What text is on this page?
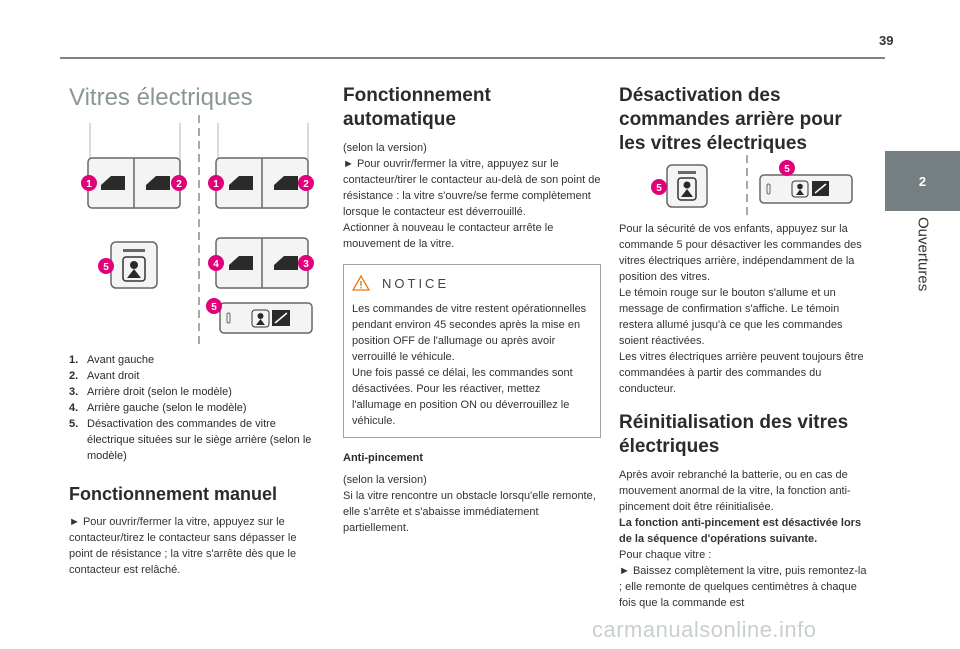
39
2
Ouvertures
Vitres électriques
1	2	1	2
4	3
5
5
1. Avant gauche
2. Avant droit
3. Arrière droit (selon le modèle)
4. Arrière gauche (selon le modèle)
5. Désactivation des commandes de vitre électrique situées sur le siège arrière (selon le modèle)
Fonctionnement manuel
► Pour ouvrir/fermer la vitre, appuyez sur le contacteur/tirez le contacteur sans dépasser le point de résistance ; la vitre s'arrête dès que le contacteur est relâché.
Fonctionnement automatique
(selon la version)
► Pour ouvrir/fermer la vitre, appuyez sur le contacteur/tirer le contacteur au-delà de son point de résistance : la vitre s'ouvre/se ferme complètement lorsque le contacteur est déverrouillé.
Actionner à nouveau le contacteur arrête le mouvement de la vitre.
NOTICE
Les commandes de vitre restent opérationnelles pendant environ 45 secondes après la mise en position OFF de l'allumage ou après avoir verrouillé le véhicule.
Une fois passé ce délai, les commandes sont désactivées. Pour les réactiver, mettez l'allumage en position ON ou déverrouillez le véhicule.
Anti-pincement
(selon la version)
Si la vitre rencontre un obstacle lorsqu'elle remonte, elle s'arrête et s'abaisse immédiatement partiellement.
Désactivation des commandes arrière pour les vitres électriques
5
5
Pour la sécurité de vos enfants, appuyez sur la commande 5 pour désactiver les commandes des vitres électriques arrière, indépendamment de la position des vitres.
Le témoin rouge sur le bouton s'allume et un message de confirmation s'affiche. Le témoin restera allumé jusqu'à ce que les commandes soient réactivées.
Les vitres électriques arrière peuvent toujours être commandées à partir des commandes du conducteur.
Réinitialisation des vitres électriques
Après avoir rebranché la batterie, ou en cas de mouvement anormal de la vitre, la fonction anti-pincement doit être réinitialisée.
La fonction anti-pincement est désactivée lors de la séquence d'opérations suivante.
Pour chaque vitre :
► Baissez complètement la vitre, puis remontez-la ; elle remonte de quelques centimètres à chaque fois que la commande est
carmanualsonline.info
